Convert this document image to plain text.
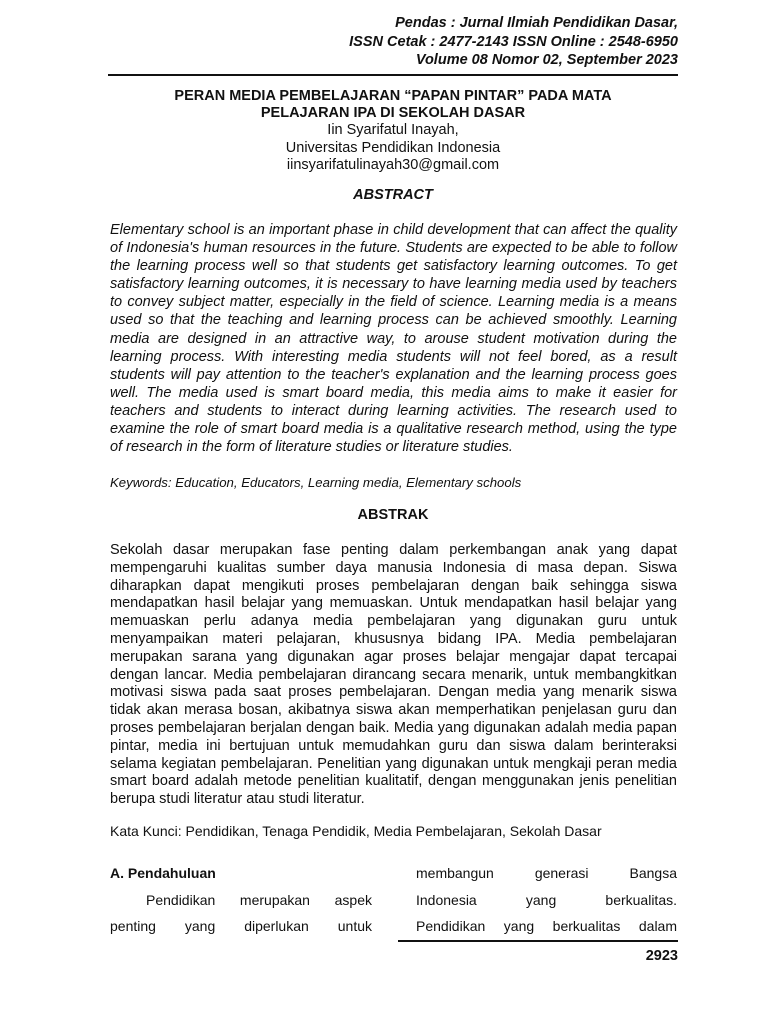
Pendas : Jurnal Ilmiah Pendidikan Dasar,
ISSN Cetak : 2477-2143 ISSN Online : 2548-6950
Volume 08 Nomor 02, September 2023
PERAN MEDIA PEMBELAJARAN “PAPAN PINTAR” PADA MATA
PELAJARAN IPA DI SEKOLAH DASAR
Iin Syarifatul Inayah,
Universitas Pendidikan Indonesia
iinsyarifatulinayah30@gmail.com
ABSTRACT

Elementary school is an important phase in child development that can affect the quality of Indonesia's human resources in the future. Students are expected to be able to follow the learning process well so that students get satisfactory learning outcomes. To get satisfactory learning outcomes, it is necessary to have learning media used by teachers to convey subject matter, especially in the field of science. Learning media is a means used so that the teaching and learning process can be achieved smoothly. Learning media are designed in an attractive way, to arouse student motivation during the learning process. With interesting media students will not feel bored, as a result students will pay attention to the teacher's explanation and the learning process goes well. The media used is smart board media, this media aims to make it easier for teachers and students to interact during learning activities. The research used to examine the role of smart board media is a qualitative research method, using the type of research in the form of literature studies or literature studies.

Keywords: Education, Educators, Learning media, Elementary schools
ABSTRAK

Sekolah dasar merupakan fase penting dalam perkembangan anak yang dapat mempengaruhi kualitas sumber daya manusia Indonesia di masa depan. Siswa diharapkan dapat mengikuti proses pembelajaran dengan baik sehingga siswa mendapatkan hasil belajar yang memuaskan. Untuk mendapatkan hasil belajar yang memuaskan perlu adanya media pembelajaran yang digunakan guru untuk menyampaikan materi pelajaran, khususnya bidang IPA. Media pembelajaran merupakan sarana yang digunakan agar proses belajar mengajar dapat tercapai dengan lancar. Media pembelajaran dirancang secara menarik, untuk membangkitkan motivasi siswa pada saat proses pembelajaran. Dengan media yang menarik siswa tidak akan merasa bosan, akibatnya siswa akan memperhatikan penjelasan guru dan proses pembelajaran berjalan dengan baik. Media yang digunakan adalah media papan pintar, media ini bertujuan untuk memudahkan guru dan siswa dalam berinteraksi selama kegiatan pembelajaran. Penelitian yang digunakan untuk mengkaji peran media smart board adalah metode penelitian kualitatif, dengan menggunakan jenis penelitian berupa studi literatur atau studi literatur.

Kata Kunci: Pendidikan, Tenaga Pendidik, Media Pembelajaran, Sekolah Dasar
A. Pendahuluan
Pendidikan merupakan aspek
penting yang diperlukan untuk
membangun generasi Bangsa
Indonesia yang berkualitas.
Pendidikan yang berkualitas dalam
2923
